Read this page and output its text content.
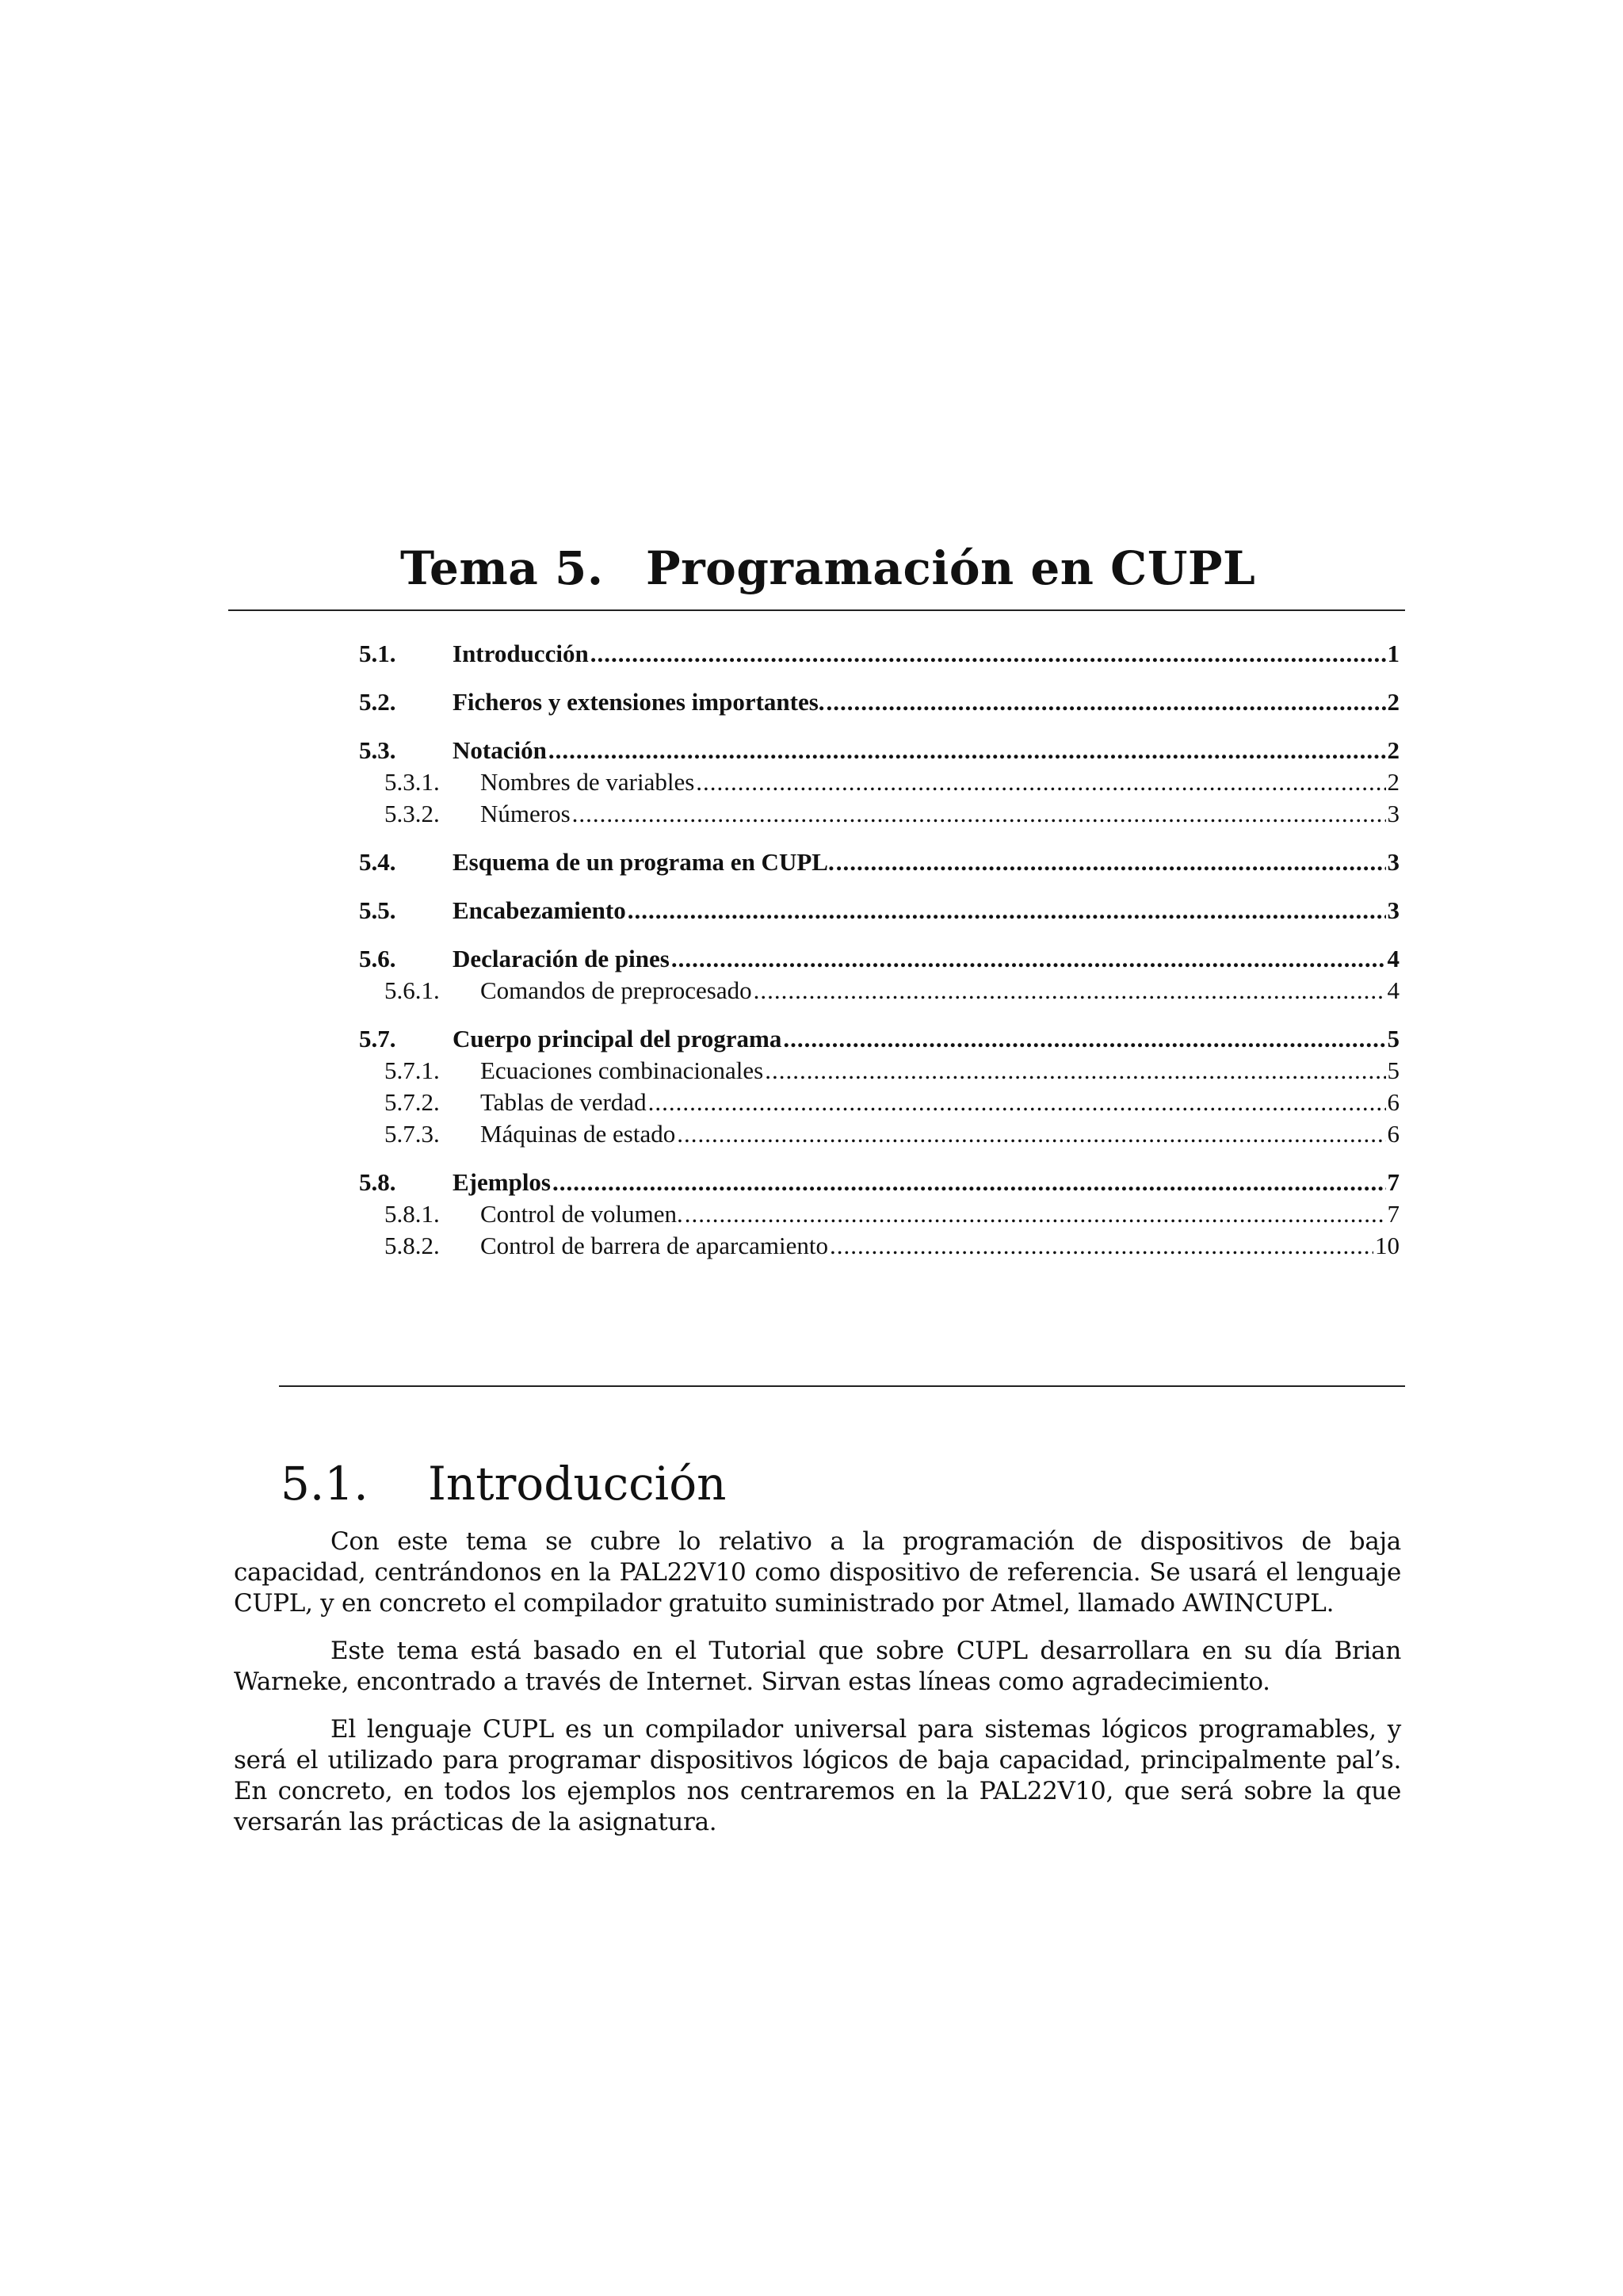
Tema 5. Programación en CUPL
5.1.	Introducción .....	1
5.2.	Ficheros y extensiones importantes. .....	2
5.3.	Notación .....	2
5.3.1.	Nombres de variables .....	2
5.3.2.	Números .....	3
5.4.	Esquema de un programa en CUPL. .....	3
5.5.	Encabezamiento .....	3
5.6.	Declaración de pines .....	4
5.6.1.	Comandos de preprocesado .....	4
5.7.	Cuerpo principal del programa .....	5
5.7.1.	Ecuaciones combinacionales .....	5
5.7.2.	Tablas de verdad .....	6
5.7.3.	Máquinas de estado .....	6
5.8.	Ejemplos .....	7
5.8.1.	Control de volumen. .....	7
5.8.2.	Control de barrera de aparcamiento .....	10
5.1. Introducción

Con este tema se cubre lo relativo a la programación de dispositivos de baja capacidad, centrándonos en la PAL22V10 como dispositivo de referencia. Se usará el lenguaje CUPL, y en concreto el compilador gratuito suministrado por Atmel, llamado AWINCUPL.

Este tema está basado en el Tutorial que sobre CUPL desarrollara en su día Brian Warneke, encontrado a través de Internet. Sirvan estas líneas como agradecimiento.

El lenguaje CUPL es un compilador universal para sistemas lógicos programables, y será el utilizado para programar dispositivos lógicos de baja capacidad, principalmente pal’s. En concreto, en todos los ejemplos nos centraremos en la PAL22V10, que será sobre la que versarán las prácticas de la asignatura.
